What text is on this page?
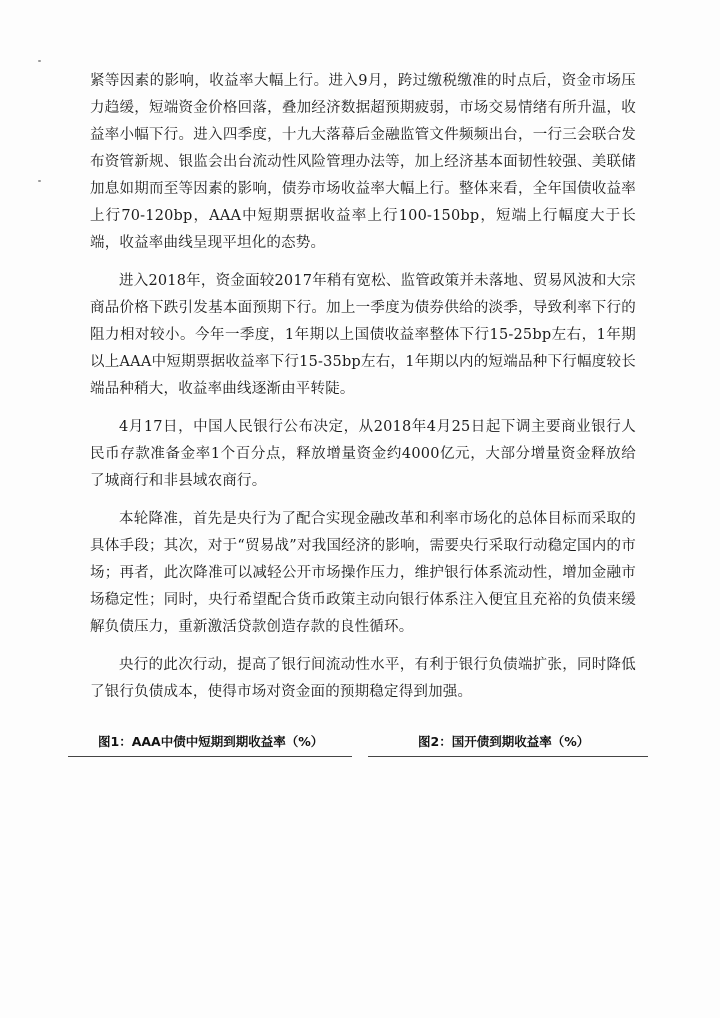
紧等因素的影响，收益率大幅上行。进入9月，跨过缴税缴准的时点后，资金市场压力趋缓，短端资金价格回落，叠加经济数据超预期疲弱，市场交易情绪有所升温，收益率小幅下行。进入四季度，十九大落幕后金融监管文件频频出台，一行三会联合发布资管新规、银监会出台流动性风险管理办法等，加上经济基本面韧性较强、美联储加息如期而至等因素的影响，债券市场收益率大幅上行。整体来看，全年国债收益率上行70-120bp，AAA中短期票据收益率上行100-150bp，短端上行幅度大于长端，收益率曲线呈现平坦化的态势。

进入2018年，资金面较2017年稍有宽松、监管政策并未落地、贸易风波和大宗商品价格下跌引发基本面预期下行。加上一季度为债券供给的淡季，导致利率下行的阻力相对较小。今年一季度，1年期以上国债收益率整体下行15-25bp左右，1年期以上AAA中短期票据收益率下行15-35bp左右，1年期以内的短端品种下行幅度较长端品种稍大，收益率曲线逐渐由平转陡。

4月17日，中国人民银行公布决定，从2018年4月25日起下调主要商业银行人民币存款准备金率1个百分点，释放增量资金约4000亿元，大部分增量资金释放给了城商行和非县域农商行。

本轮降准，首先是央行为了配合实现金融改革和利率市场化的总体目标而采取的具体手段；其次，对于“贸易战”对我国经济的影响，需要央行采取行动稳定国内的市场；再者，此次降准可以减轻公开市场操作压力，维护银行体系流动性，增加金融市场稳定性；同时，央行希望配合货币政策主动向银行体系注入便宜且充裕的负债来缓解负债压力，重新激活贷款创造存款的良性循环。

央行的此次行动，提高了银行间流动性水平，有利于银行负债端扩张，同时降低了银行负债成本，使得市场对资金面的预期稳定得到加强。

图1：AAA中债中短期到期收益率（%）	图2：国开债到期收益率（%）
